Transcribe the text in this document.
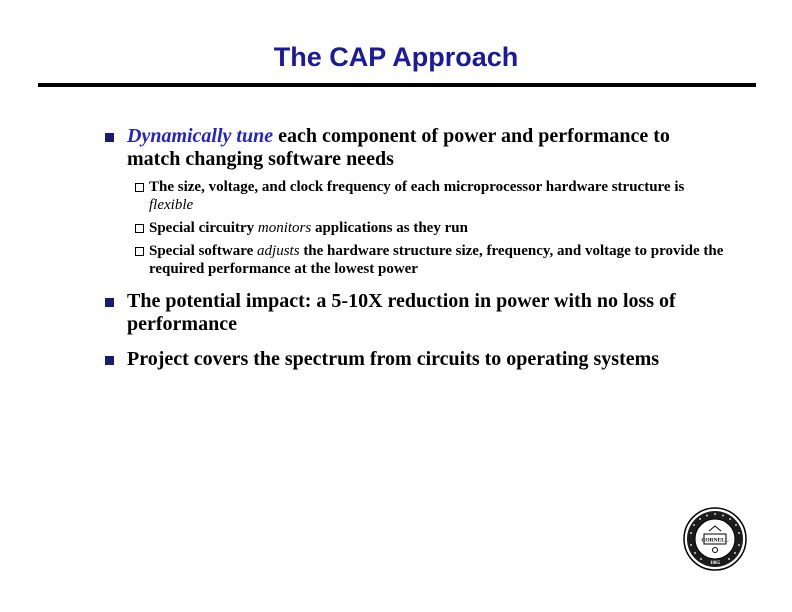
The CAP Approach
Dynamically tune each component of power and performance to match changing software needs
The size, voltage, and clock frequency of each microprocessor hardware structure is flexible
Special circuitry monitors applications as they run
Special software adjusts the hardware structure size, frequency, and voltage to provide the required performance at the lowest power
The potential impact: a 5-10X reduction in power with no loss of performance
Project covers the spectrum from circuits to operating systems
CORNELL
1865
